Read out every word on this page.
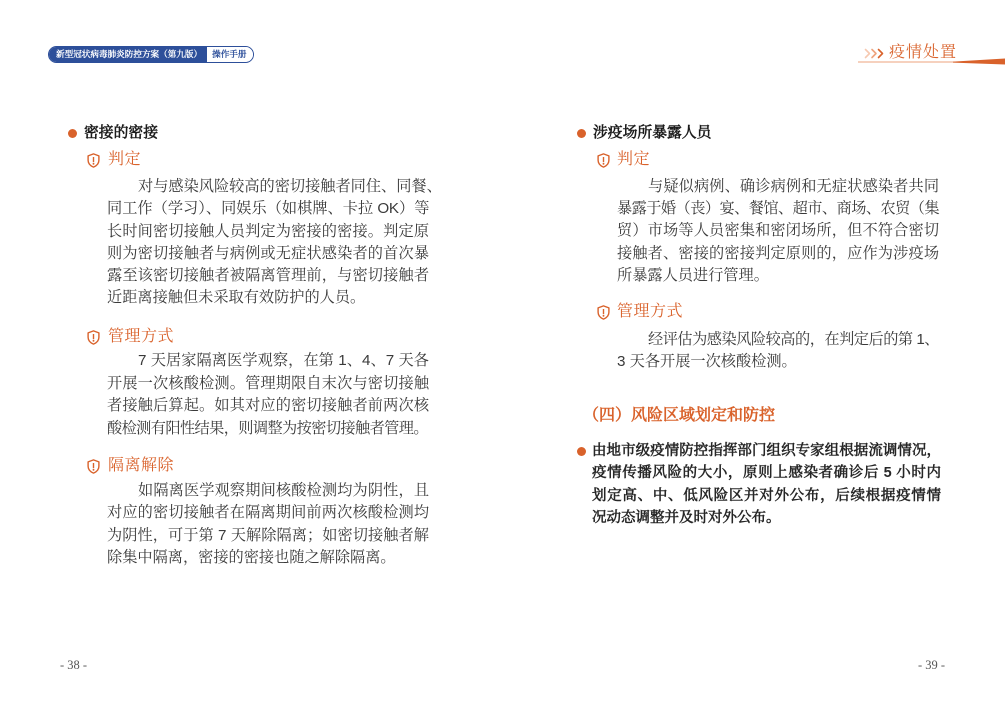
新型冠状病毒肺炎防控方案（第九版）	操作手册	疫情处置
密接的密接
判定
对与感染风险较高的密切接触者同住、同餐、
同工作（学习）、同娱乐（如棋牌、卡拉 OK）等
长时间密切接触人员判定为密接的密接。判定原
则为密切接触者与病例或无症状感染者的首次暴
露至该密切接触者被隔离管理前，与密切接触者
近距离接触但未采取有效防护的人员。
管理方式
7 天居家隔离医学观察，在第 1、4、7 天各
开展一次核酸检测。管理期限自末次与密切接触
者接触后算起。如其对应的密切接触者前两次核
酸检测有阳性结果，则调整为按密切接触者管理。
隔离解除
如隔离医学观察期间核酸检测均为阴性，且
对应的密切接触者在隔离期间前两次核酸检测均
为阴性，可于第 7 天解除隔离；如密切接触者解
除集中隔离，密接的密接也随之解除隔离。
- 38 -
涉疫场所暴露人员
判定
与疑似病例、确诊病例和无症状感染者共同
暴露于婚（丧）宴、餐馆、超市、商场、农贸（集
贸）市场等人员密集和密闭场所，但不符合密切
接触者、密接的密接判定原则的，应作为涉疫场
所暴露人员进行管理。
管理方式
经评估为感染风险较高的，在判定后的第 1、
3 天各开展一次核酸检测。
（四）风险区域划定和防控
由地市级疫情防控指挥部门组织专家组根据流调情况，
疫情传播风险的大小，原则上感染者确诊后 5 小时内
划定高、中、低风险区并对外公布，后续根据疫情情
况动态调整并及时对外公布。
- 39 -
